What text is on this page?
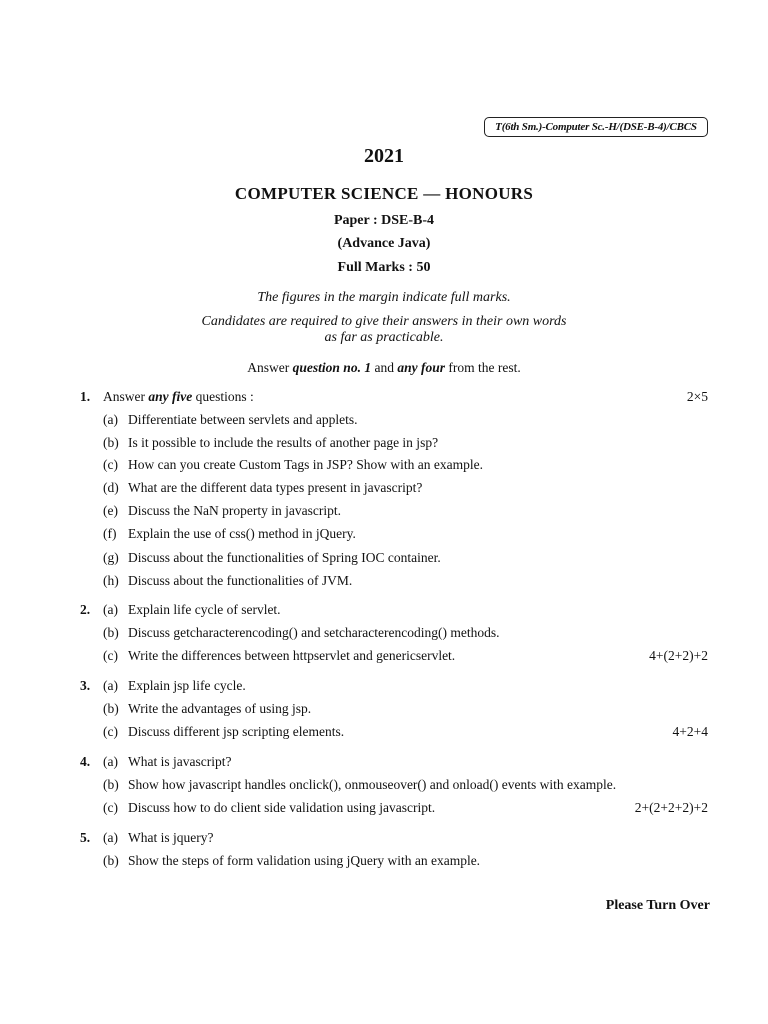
T(6th Sm.)-Computer Sc.-H/(DSE-B-4)/CBCS
2021
COMPUTER SCIENCE — HONOURS
Paper : DSE-B-4
(Advance Java)
Full Marks : 50
The figures in the margin indicate full marks.
Candidates are required to give their answers in their own words
as far as practicable.
Answer question no. 1 and any four from the rest.
1. Answer any five questions :	2×5
(a) Differentiate between servlets and applets.
(b) Is it possible to include the results of another page in jsp?
(c) How can you create Custom Tags in JSP? Show with an example.
(d) What are the different data types present in javascript?
(e) Discuss the NaN property in javascript.
(f) Explain the use of css() method in jQuery.
(g) Discuss about the functionalities of Spring IOC container.
(h) Discuss about the functionalities of JVM.
2. (a) Explain life cycle of servlet.
(b) Discuss getcharacterencoding() and setcharacterencoding() methods.
(c) Write the differences between httpservlet and genericservlet.	4+(2+2)+2
3. (a) Explain jsp life cycle.
(b) Write the advantages of using jsp.
(c) Discuss different jsp scripting elements.	4+2+4
4. (a) What is javascript?
(b) Show how javascript handles onclick(), onmouseover() and onload() events with example.
(c) Discuss how to do client side validation using javascript.	2+(2+2+2)+2
5. (a) What is jquery?
(b) Show the steps of form validation using jQuery with an example.
Please Turn Over
